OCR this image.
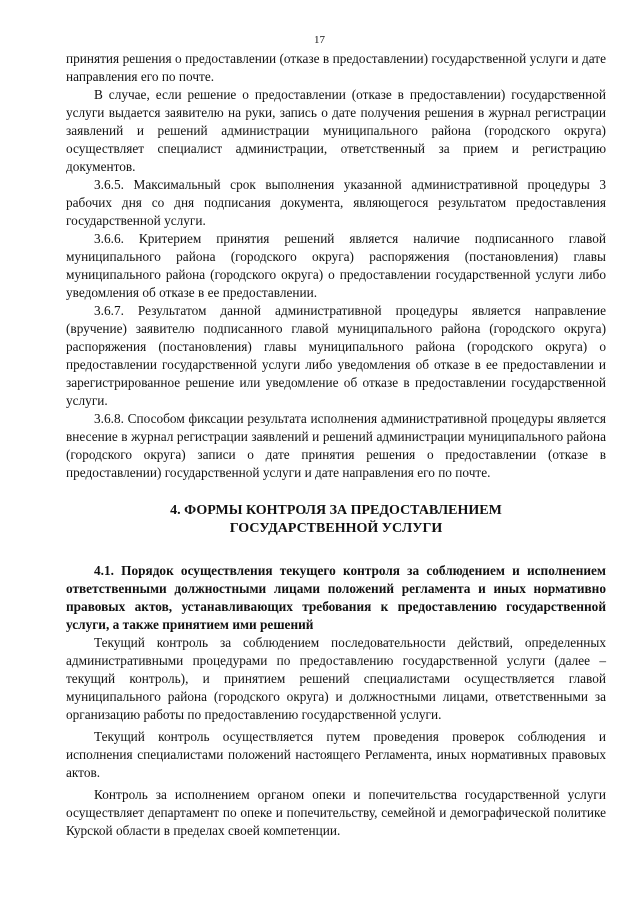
17

принятия решения о предоставлении (отказе в предоставлении) государственной услуги и дате направления его по почте.

В случае, если решение о предоставлении (отказе в предоставлении) государственной услуги выдается заявителю на руки, запись о дате получения решения в журнал регистрации заявлений и решений администрации муниципального района (городского округа) осуществляет специалист администрации, ответственный за прием и регистрацию документов.

3.6.5. Максимальный срок выполнения указанной административной процедуры 3 рабочих дня со дня подписания документа, являющегося результатом предоставления государственной услуги.

3.6.6. Критерием принятия решений является наличие подписанного главой муниципального района (городского округа) распоряжения (постановления) главы муниципального района (городского округа) о предоставлении государственной услуги либо уведомления об отказе в ее предоставлении.

3.6.7. Результатом данной административной процедуры является направление (вручение) заявителю подписанного главой муниципального района (городского округа) распоряжения (постановления) главы муниципального района (городского округа) о предоставлении государственной услуги либо уведомления об отказе в ее предоставлении и зарегистрированное решение или уведомление об отказе в предоставлении государственной услуги.

3.6.8. Способом фиксации результата исполнения административной процедуры является внесение в журнал регистрации заявлений и решений администрации муниципального района (городского округа) записи о дате принятия решения о предоставлении (отказе в предоставлении) государственной услуги и дате направления его по почте.

4. ФОРМЫ КОНТРОЛЯ ЗА ПРЕДОСТАВЛЕНИЕМ ГОСУДАРСТВЕННОЙ УСЛУГИ

4.1. Порядок осуществления текущего контроля за соблюдением и исполнением ответственными должностными лицами положений регламента и иных нормативно правовых актов, устанавливающих требования к предоставлению государственной услуги, а также принятием ими решений

Текущий контроль за соблюдением последовательности действий, определенных административными процедурами по предоставлению государственной услуги (далее – текущий контроль), и принятием решений специалистами осуществляется главой муниципального района (городского округа) и должностными лицами, ответственными за организацию работы по предоставлению государственной услуги.

Текущий контроль осуществляется путем проведения проверок соблюдения и исполнения специалистами положений настоящего Регламента, иных нормативных правовых актов.

Контроль за исполнением органом опеки и попечительства государственной услуги осуществляет департамент по опеке и попечительству, семейной и демографической политике Курской области в пределах своей компетенции.
